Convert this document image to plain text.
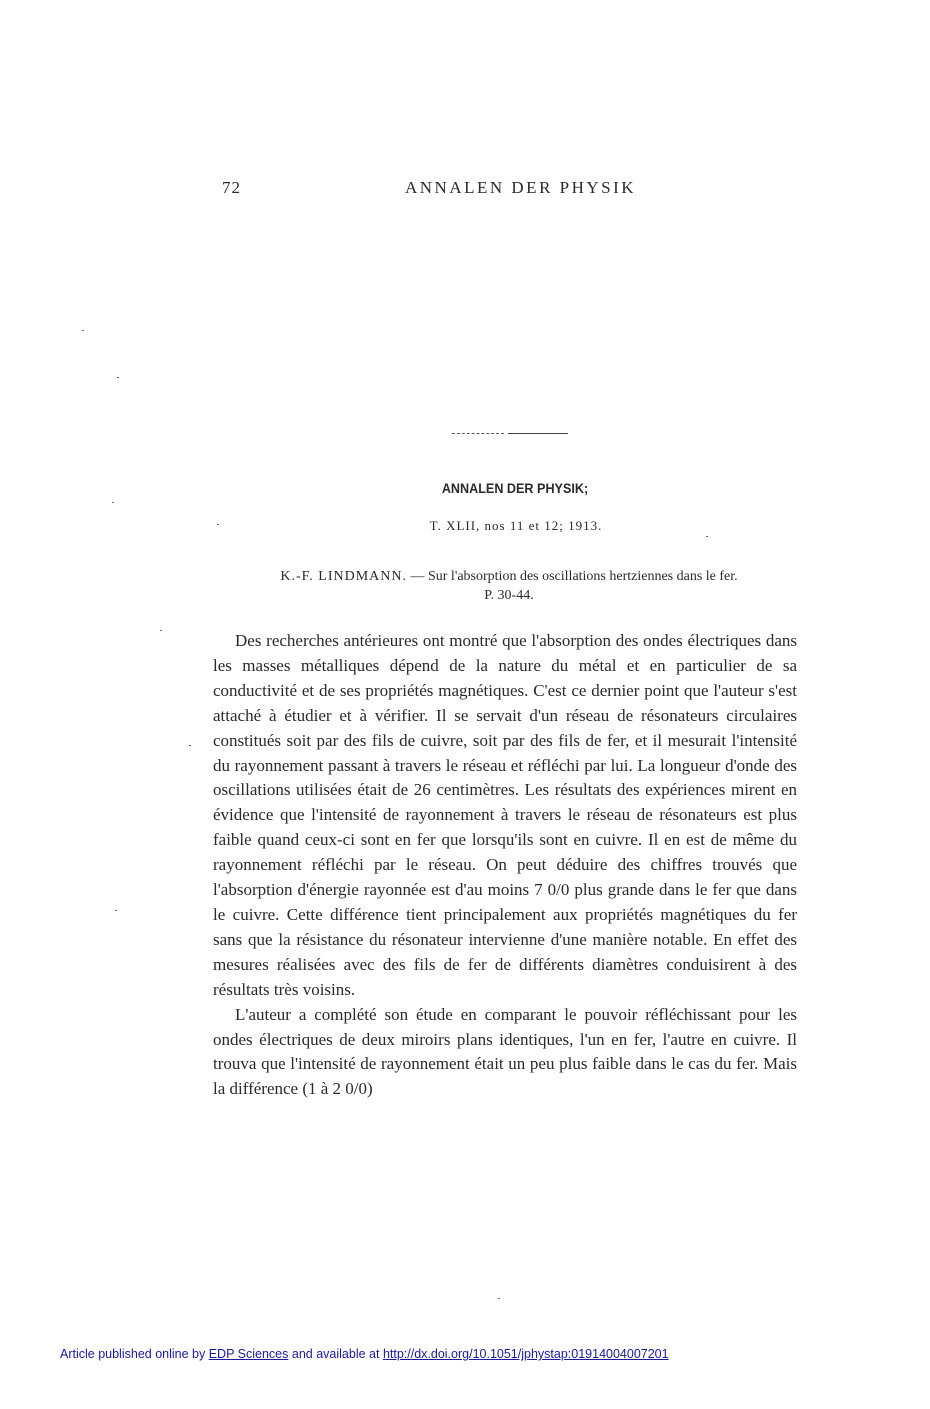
72	ANNALEN DER PHYSIK
ANNALEN DER PHYSIK;
T. XLII, nos 11 et 12; 1913.
K.-F. LINDMANN. — Sur l'absorption des oscillations hertziennes dans le fer.
P. 30-44.

Des recherches antérieures ont montré que l'absorption des ondes électriques dans les masses métalliques dépend de la nature du métal et en particulier de sa conductivité et de ses propriétés magnétiques. C'est ce dernier point que l'auteur s'est attaché à étudier et à vérifier. Il se servait d'un réseau de résonateurs circulaires constitués soit par des fils de cuivre, soit par des fils de fer, et il mesurait l'intensité du rayonnement passant à travers le réseau et réfléchi par lui. La longueur d'onde des oscillations utilisées était de 26 centimètres. Les résultats des expériences mirent en évidence que l'intensité de rayonnement à travers le réseau de résonateurs est plus faible quand ceux-ci sont en fer que lorsqu'ils sont en cuivre. Il en est de même du rayonnement réfléchi par le réseau. On peut déduire des chiffres trouvés que l'absorption d'énergie rayonnée est d'au moins 7 0/0 plus grande dans le fer que dans le cuivre. Cette différence tient principalement aux propriétés magnétiques du fer sans que la résistance du résonateur intervienne d'une manière notable. En effet des mesures réalisées avec des fils de fer de différents diamètres conduisirent à des résultats très voisins.

L'auteur a complété son étude en comparant le pouvoir réfléchissant pour les ondes électriques de deux miroirs plans identiques, l'un en fer, l'autre en cuivre. Il trouva que l'intensité de rayonnement était un peu plus faible dans le cas du fer. Mais la différence (1 à 2 0/0)

Article published online by EDP Sciences and available at http://dx.doi.org/10.1051/jphystap:01914004007201
